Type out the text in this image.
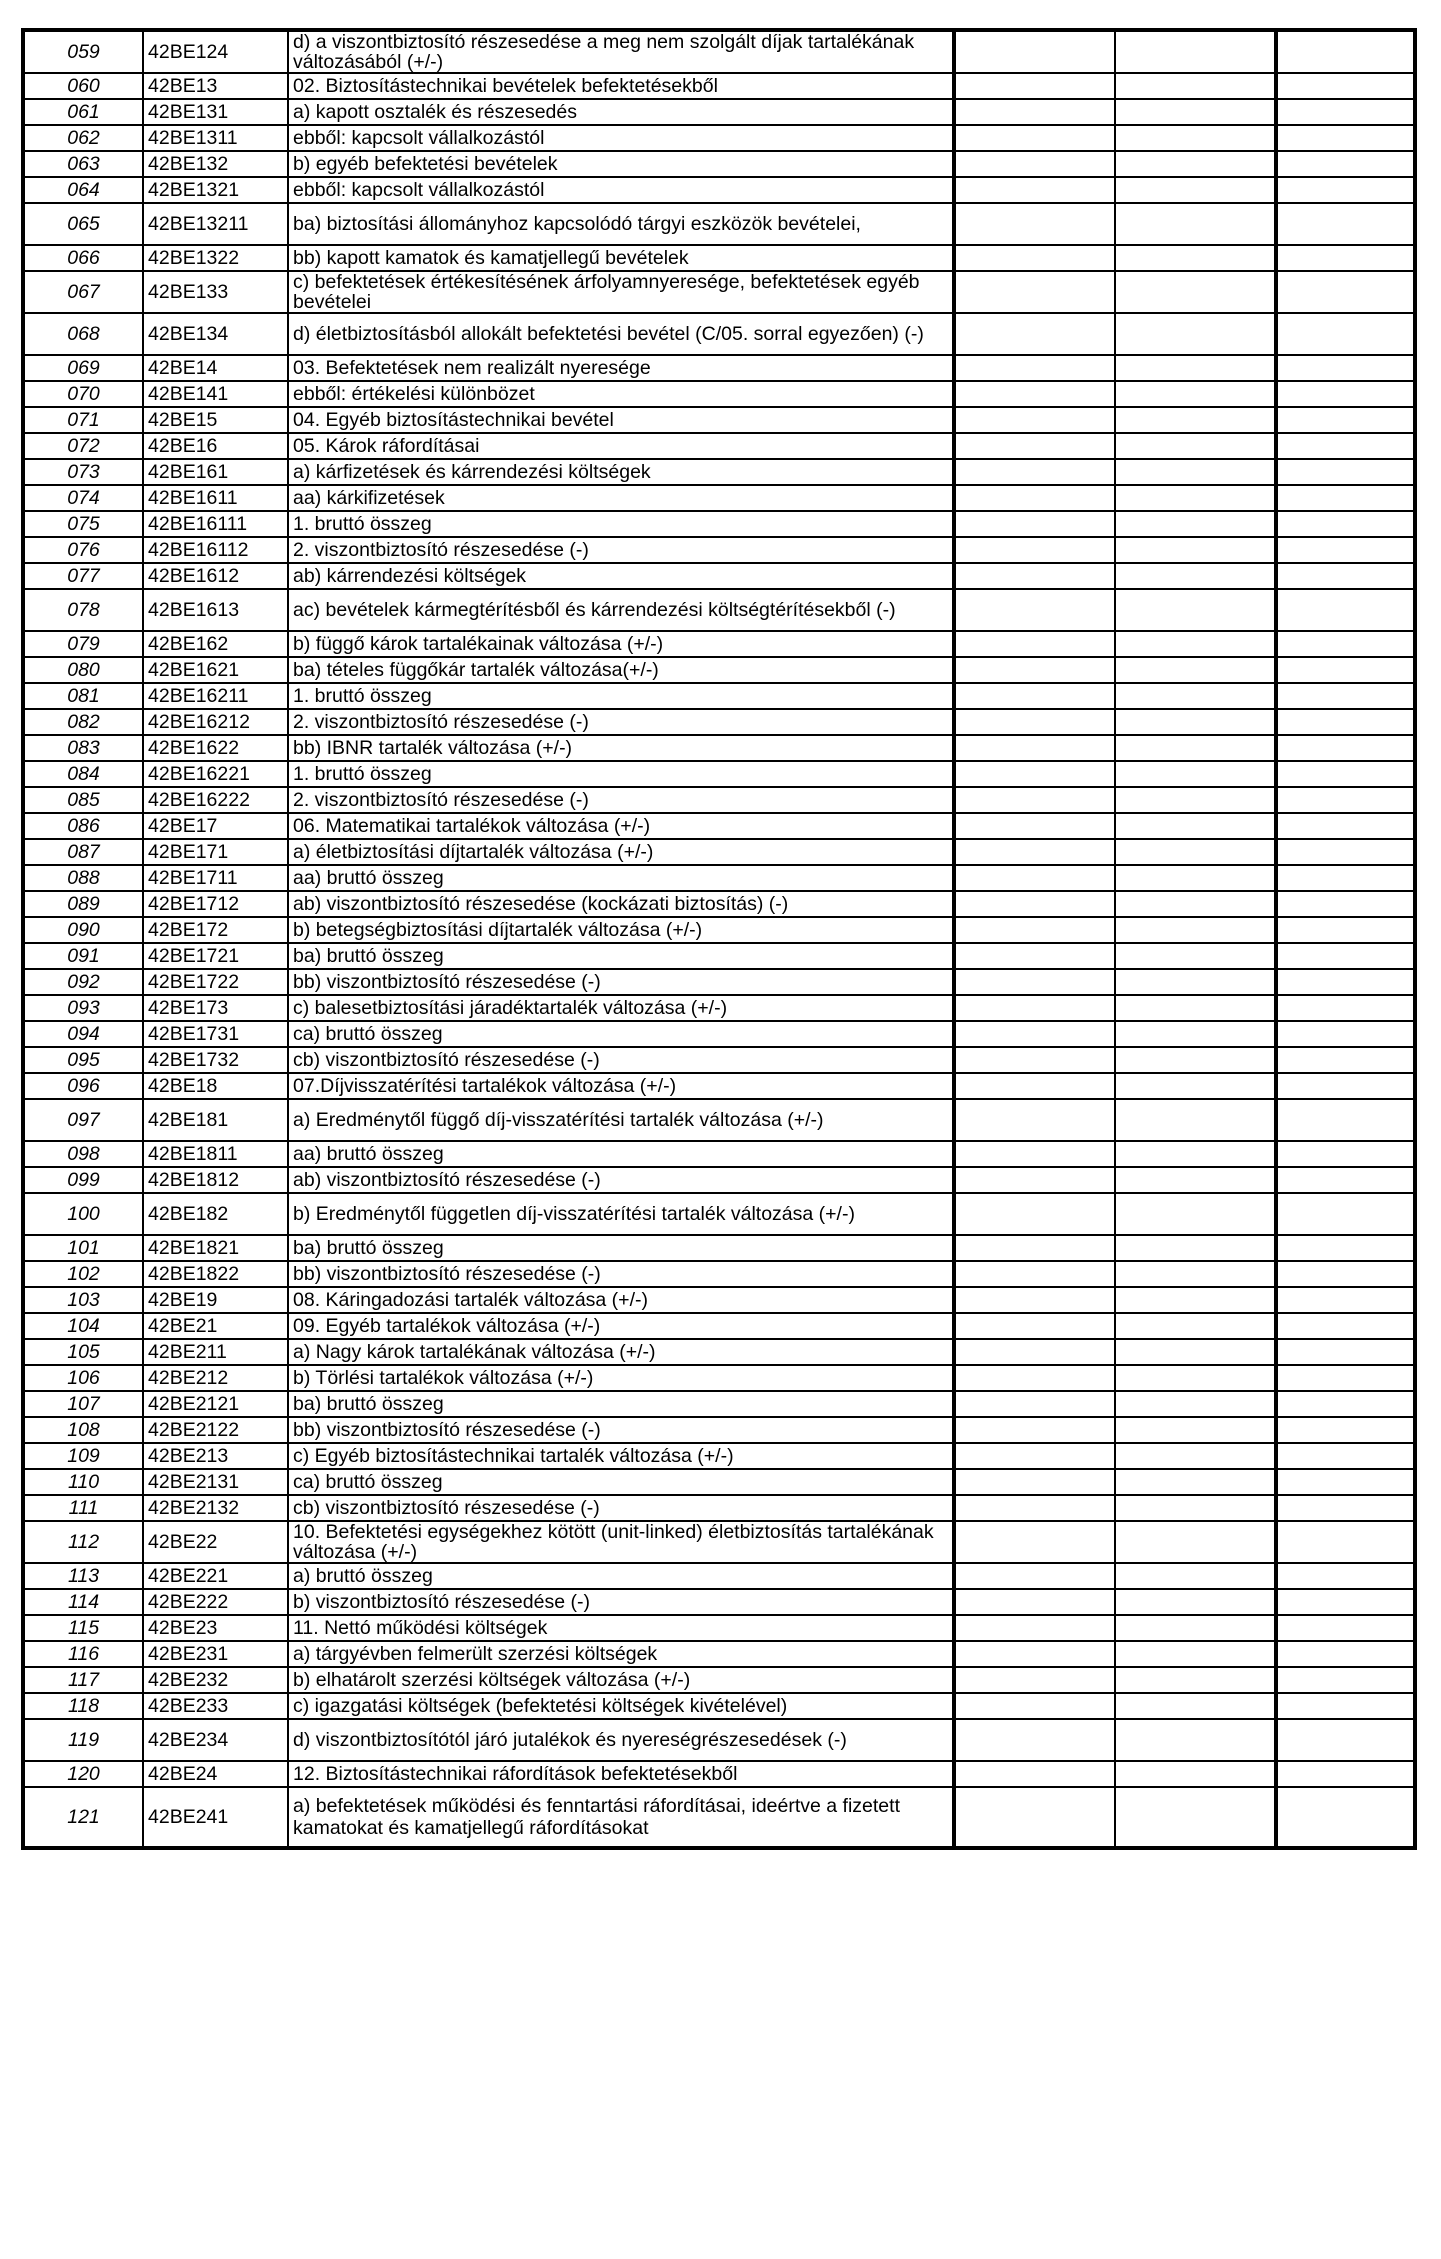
059	42BE124	d) a viszontbiztosító részesedése a meg nem szolgált díjak tartalékának változásából (+/-)			
060	42BE13	02. Biztosítástechnikai bevételek befektetésekből			
061	42BE131	a) kapott osztalék és részesedés			
062	42BE1311	ebből: kapcsolt vállalkozástól			
063	42BE132	b) egyéb befektetési bevételek			
064	42BE1321	ebből: kapcsolt vállalkozástól			
065	42BE13211	ba) biztosítási állományhoz kapcsolódó tárgyi eszközök bevételei,			
066	42BE1322	bb) kapott kamatok és kamatjellegű bevételek			
067	42BE133	c) befektetések értékesítésének árfolyamnyeresége, befektetések egyéb bevételei			
068	42BE134	d) életbiztosításból allokált befektetési bevétel (C/05. sorral egyezően) (-)			
069	42BE14	03. Befektetések nem realizált nyeresége			
070	42BE141	ebből: értékelési különbözet			
071	42BE15	04. Egyéb biztosítástechnikai bevétel			
072	42BE16	05. Károk ráfordításai			
073	42BE161	a) kárfizetések és kárrendezési költségek			
074	42BE1611	aa) kárkifizetések			
075	42BE16111	1. bruttó összeg			
076	42BE16112	2. viszontbiztosító részesedése (-)			
077	42BE1612	ab) kárrendezési költségek			
078	42BE1613	ac) bevételek kármegtérítésből és kárrendezési költségtérítésekből (-)			
079	42BE162	b) függő károk tartalékainak változása (+/-)			
080	42BE1621	ba) tételes függőkár tartalék változása(+/-)			
081	42BE16211	1. bruttó összeg			
082	42BE16212	2. viszontbiztosító részesedése (-)			
083	42BE1622	bb) IBNR tartalék változása (+/-)			
084	42BE16221	1. bruttó összeg			
085	42BE16222	2. viszontbiztosító részesedése (-)			
086	42BE17	06. Matematikai tartalékok változása (+/-)			
087	42BE171	a) életbiztosítási díjtartalék változása (+/-)			
088	42BE1711	aa) bruttó összeg			
089	42BE1712	ab) viszontbiztosító részesedése (kockázati biztosítás) (-)			
090	42BE172	b) betegségbiztosítási díjtartalék változása (+/-)			
091	42BE1721	ba) bruttó összeg			
092	42BE1722	bb) viszontbiztosító részesedése (-)			
093	42BE173	c) balesetbiztosítási járadéktartalék változása (+/-)			
094	42BE1731	ca) bruttó összeg			
095	42BE1732	cb) viszontbiztosító részesedése (-)			
096	42BE18	07.Díjvisszatérítési tartalékok változása (+/-)			
097	42BE181	a) Eredménytől függő díj-visszatérítési tartalék változása (+/-)			
098	42BE1811	aa) bruttó összeg			
099	42BE1812	ab) viszontbiztosító részesedése (-)			
100	42BE182	b) Eredménytől független díj-visszatérítési tartalék változása (+/-)			
101	42BE1821	ba) bruttó összeg			
102	42BE1822	bb) viszontbiztosító részesedése (-)			
103	42BE19	08. Káringadozási tartalék változása (+/-)			
104	42BE21	09. Egyéb tartalékok változása (+/-)			
105	42BE211	a) Nagy károk tartalékának változása (+/-)			
106	42BE212	b) Törlési tartalékok változása (+/-)			
107	42BE2121	ba) bruttó összeg			
108	42BE2122	bb) viszontbiztosító részesedése (-)			
109	42BE213	c) Egyéb biztosítástechnikai tartalék változása (+/-)			
110	42BE2131	ca) bruttó összeg			
111	42BE2132	cb) viszontbiztosító részesedése (-)			
112	42BE22	10. Befektetési egységekhez kötött (unit-linked) életbiztosítás tartalékának változása (+/-)			
113	42BE221	a) bruttó összeg			
114	42BE222	b) viszontbiztosító részesedése (-)			
115	42BE23	11. Nettó működési költségek			
116	42BE231	a) tárgyévben felmerült szerzési költségek			
117	42BE232	b) elhatárolt szerzési költségek változása (+/-)			
118	42BE233	c) igazgatási költségek (befektetési költségek kivételével)			
119	42BE234	d) viszontbiztosítótól járó jutalékok és nyereségrészesedések (-)			
120	42BE24	12. Biztosítástechnikai ráfordítások befektetésekből			
121	42BE241	a) befektetések működési és fenntartási ráfordításai, ideértve a fizetett kamatokat és kamatjellegű ráfordításokat			
